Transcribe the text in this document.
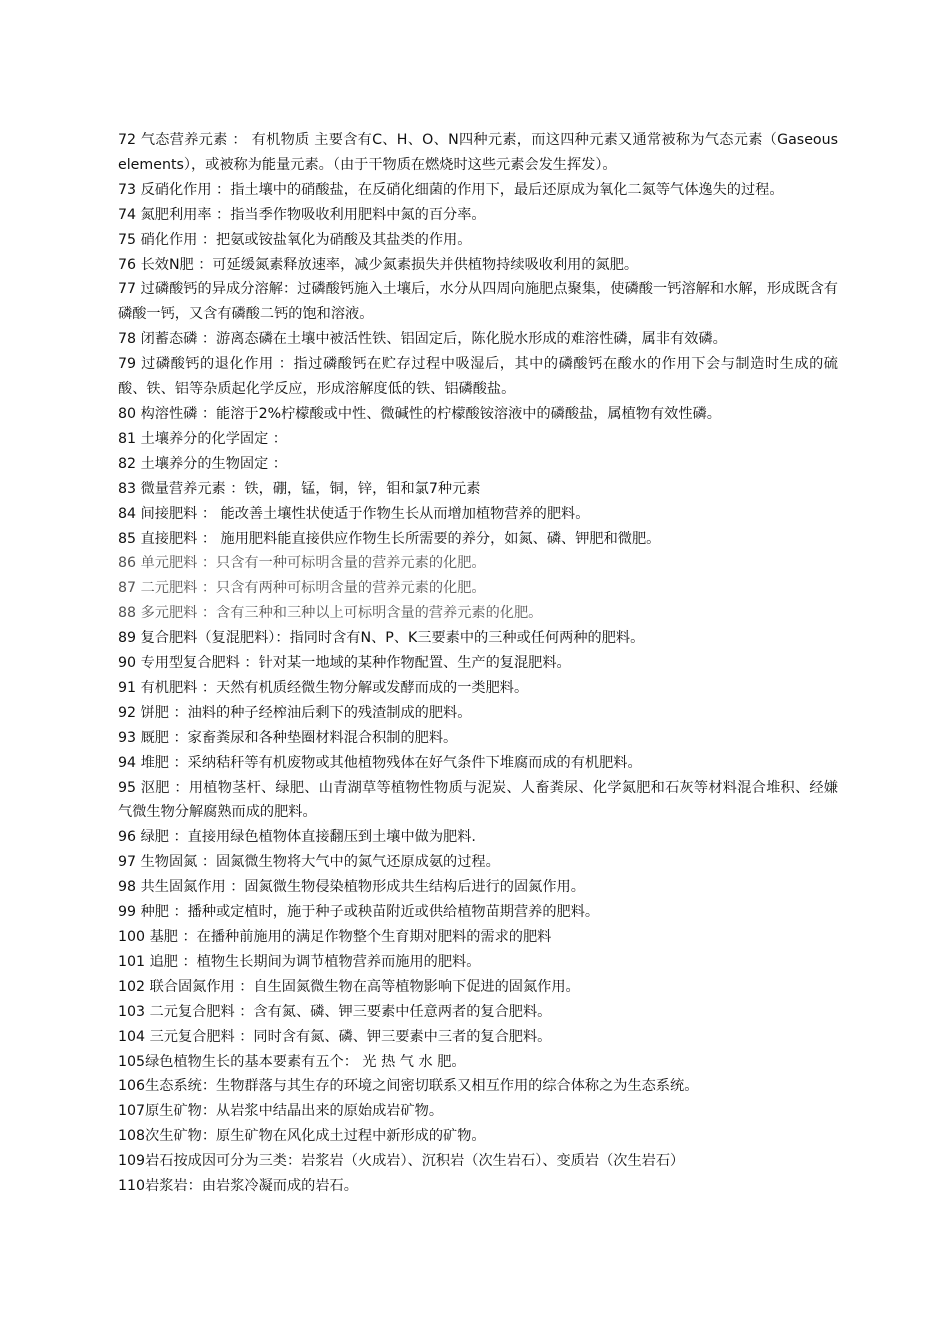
72 气态营养元素 ： 有机物质 主要含有C、H、O、N四种元素，而这四种元素又通常被称为气态元素（Gaseous elements），或被称为能量元素。（由于干物质在燃烧时这些元素会发生挥发）。

73 反硝化作用 ：指土壤中的硝酸盐，在反硝化细菌的作用下，最后还原成为氧化二氮等气体逸失的过程。

74 氮肥利用率 ：指当季作物吸收利用肥料中氮的百分率。

75 硝化作用 ：把氨或铵盐氧化为硝酸及其盐类的作用。

76 长效N肥 ：可延缓氮素释放速率，减少氮素损失并供植物持续吸收利用的氮肥。

77 过磷酸钙的异成分溶解：过磷酸钙施入土壤后，水分从四周向施肥点聚集，使磷酸一钙溶解和水解，形成既含有磷酸一钙，又含有磷酸二钙的饱和溶液。

78 闭蓄态磷 ：游离态磷在土壤中被活性铁、铝固定后，陈化脱水形成的难溶性磷，属非有效磷。

79 过磷酸钙的退化作用 ：指过磷酸钙在贮存过程中吸湿后，其中的磷酸钙在酸水的作用下会与制造时生成的硫酸、铁、铝等杂质起化学反应，形成溶解度低的铁、铝磷酸盐。

80 构溶性磷 ：能溶于2%柠檬酸或中性、微碱性的柠檬酸铵溶液中的磷酸盐，属植物有效性磷。

81 土壤养分的化学固定 ：

82 土壤养分的生物固定 ：

83 微量营养元素 ：铁，硼，锰，铜，锌，钼和氯7种元素

84 间接肥料 ： 能改善土壤性状使适于作物生长从而增加植物营养的肥料。

85 直接肥料 ： 施用肥料能直接供应作物生长所需要的养分，如氮、磷、钾肥和微肥。

86 单元肥料 ：只含有一种可标明含量的营养元素的化肥。

87 二元肥料 ：只含有两种可标明含量的营养元素的化肥。

88 多元肥料 ：含有三种和三种以上可标明含量的营养元素的化肥。

89 复合肥料（复混肥料）：指同时含有N、P、K三要素中的三种或任何两种的肥料。

90 专用型复合肥料 ：针对某一地域的某种作物配置、生产的复混肥料。

91 有机肥料 ：天然有机质经微生物分解或发酵而成的一类肥料。

92 饼肥 ：油料的种子经榨油后剩下的残渣制成的肥料。

93 厩肥 ：家畜粪尿和各种垫圈材料混合积制的肥料。

94 堆肥 ：采纳秸秆等有机废物或其他植物残体在好气条件下堆腐而成的有机肥料。

95 沤肥 ：用植物茎杆、绿肥、山青湖草等植物性物质与泥炭、人畜粪尿、化学氮肥和石灰等材料混合堆积、经嫌气微生物分解腐熟而成的肥料。

96 绿肥 ：直接用绿色植物体直接翻压到土壤中做为肥料.

97 生物固氮 ：固氮微生物将大气中的氮气还原成氨的过程。

98 共生固氮作用 ：固氮微生物侵染植物形成共生结构后进行的固氮作用。

99 种肥 ：播种或定植时，施于种子或秧苗附近或供给植物苗期营养的肥料。

100 基肥 ：在播种前施用的满足作物整个生育期对肥料的需求的肥料

101 追肥 ：植物生长期间为调节植物营养而施用的肥料。

102 联合固氮作用 ：自生固氮微生物在高等植物影响下促进的固氮作用。

103 二元复合肥料 ：含有氮、磷、钾三要素中任意两者的复合肥料。

104 三元复合肥料 ：同时含有氮、磷、钾三要素中三者的复合肥料。

105绿色植物生长的基本要素有五个： 光 热 气 水 肥。

106生态系统：生物群落与其生存的环境之间密切联系又相互作用的综合体称之为生态系统。

107原生矿物：从岩浆中结晶出来的原始成岩矿物。

108次生矿物：原生矿物在风化成土过程中新形成的矿物。

109岩石按成因可分为三类：岩浆岩（火成岩）、沉积岩（次生岩石）、变质岩（次生岩石）

110岩浆岩：由岩浆冷凝而成的岩石。
